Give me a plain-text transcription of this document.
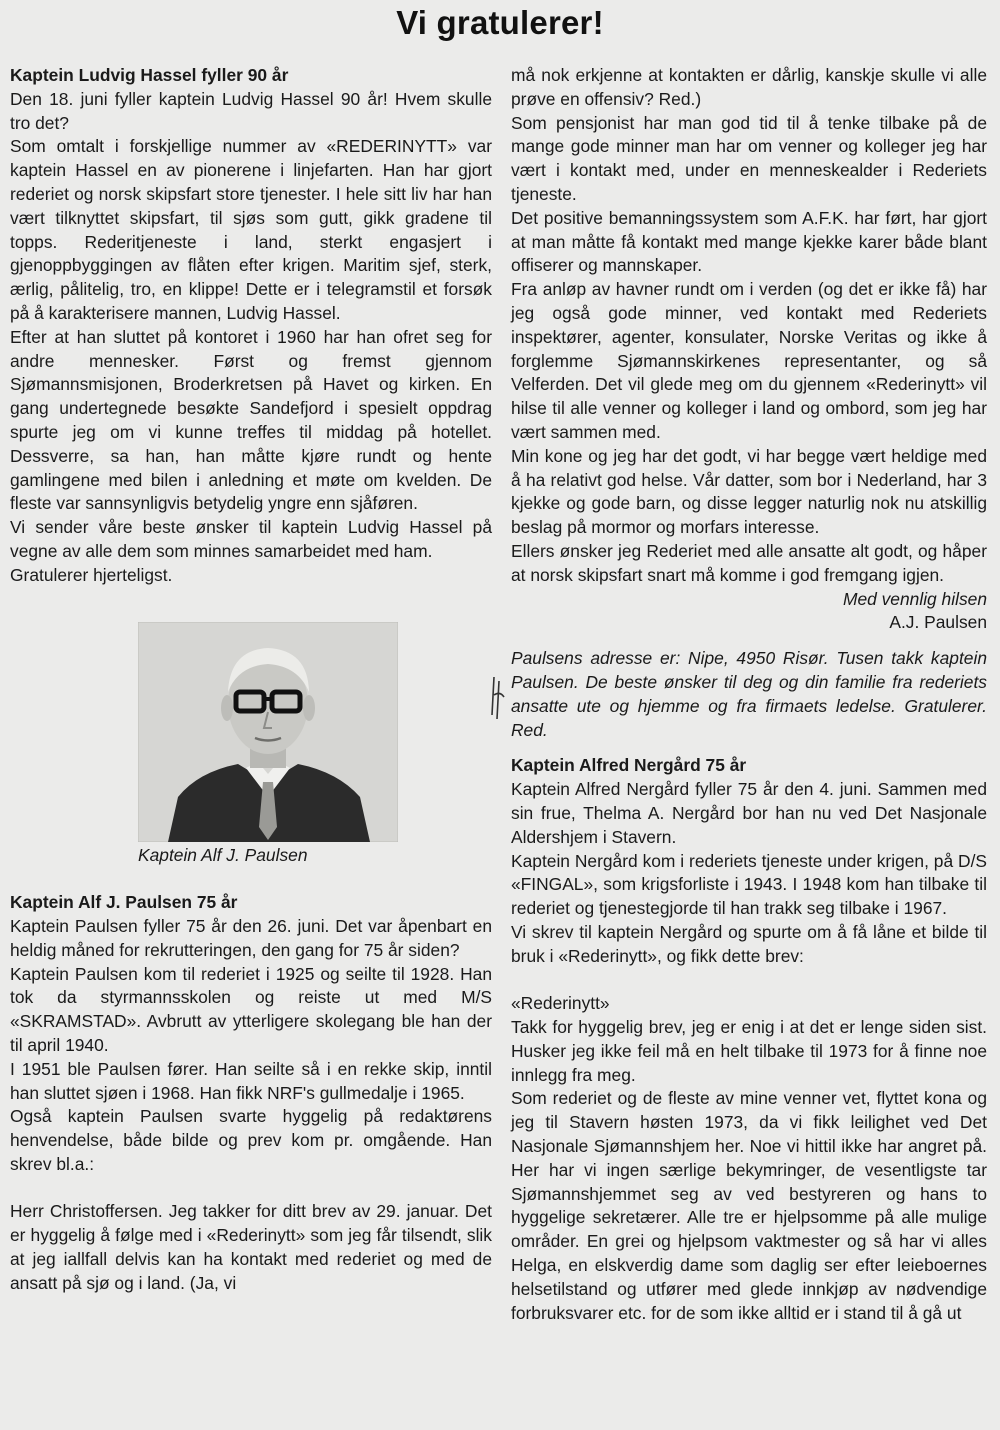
Vi gratulerer!

Kaptein Ludvig Hassel fyller 90 år

Den 18. juni fyller kaptein Ludvig Hassel 90 år! Hvem skulle tro det?

Som omtalt i forskjellige nummer av «REDERINYTT» var kaptein Hassel en av pionerene i linjefarten. Han har gjort rederiet og norsk skipsfart store tjenester. I hele sitt liv har han vært tilknyttet skipsfart, til sjøs som gutt, gikk gradene til topps. Rederitjeneste i land, sterkt engasjert i gjenoppbyggingen av flåten efter krigen. Maritim sjef, sterk, ærlig, pålitelig, tro, en klippe! Dette er i telegramstil et forsøk på å karakterisere mannen, Ludvig Hassel.

Efter at han sluttet på kontoret i 1960 har han ofret seg for andre mennesker. Først og fremst gjennom Sjømannsmisjonen, Broderkretsen på Havet og kirken. En gang undertegnede besøkte Sandefjord i spesielt oppdrag spurte jeg om vi kunne treffes til middag på hotellet. Dessverre, sa han, han måtte kjøre rundt og hente gamlingene med bilen i anledning et møte om kvelden. De fleste var sannsynligvis betydelig yngre enn sjåføren.

Vi sender våre beste ønsker til kaptein Ludvig Hassel på vegne av alle dem som minnes samarbeidet med ham.

Gratulerer hjerteligst.

Kaptein Alf J. Paulsen

Kaptein Alf J. Paulsen 75 år

Kaptein Paulsen fyller 75 år den 26. juni. Det var åpenbart en heldig måned for rekrutteringen, den gang for 75 år siden?

Kaptein Paulsen kom til rederiet i 1925 og seilte til 1928. Han tok da styrmannsskolen og reiste ut med M/S «SKRAMSTAD». Avbrutt av ytterligere skolegang ble han der til april 1940.

I 1951 ble Paulsen fører. Han seilte så i en rekke skip, inntil han sluttet sjøen i 1968. Han fikk NRF's gullmedalje i 1965.

Også kaptein Paulsen svarte hyggelig på redaktørens henvendelse, både bilde og prev kom pr. omgående. Han skrev bl.a.:

Herr Christoffersen. Jeg takker for ditt brev av 29. januar. Det er hyggelig å følge med i «Rederinytt» som jeg får tilsendt, slik at jeg iallfall delvis kan ha kontakt med rederiet og med de ansatt på sjø og i land. (Ja, vi

må nok erkjenne at kontakten er dårlig, kanskje skulle vi alle prøve en offensiv? Red.)

Som pensjonist har man god tid til å tenke tilbake på de mange gode minner man har om venner og kolleger jeg har vært i kontakt med, under en menneskealder i Rederiets tjeneste.

Det positive bemanningssystem som A.F.K. har ført, har gjort at man måtte få kontakt med mange kjekke karer både blant offiserer og mannskaper.

Fra anløp av havner rundt om i verden (og det er ikke få) har jeg også gode minner, ved kontakt med Rederiets inspektører, agenter, konsulater, Norske Veritas og ikke å forglemme Sjømannskirkenes representanter, og så Velferden. Det vil glede meg om du gjennem «Rederinytt» vil hilse til alle venner og kolleger i land og ombord, som jeg har vært sammen med.

Min kone og jeg har det godt, vi har begge vært heldige med å ha relativt god helse. Vår datter, som bor i Nederland, har 3 kjekke og gode barn, og disse legger naturlig nok nu atskillig beslag på mormor og morfars interesse.

Ellers ønsker jeg Rederiet med alle ansatte alt godt, og håper at norsk skipsfart snart må komme i god fremgang igjen.

Med vennlig hilsen

A.J. Paulsen

Paulsens adresse er: Nipe, 4950 Risør. Tusen takk kaptein Paulsen. De beste ønsker til deg og din familie fra rederiets ansatte ute og hjemme og fra firmaets ledelse. Gratulerer. Red.

Kaptein Alfred Nergård 75 år

Kaptein Alfred Nergård fyller 75 år den 4. juni. Sammen med sin frue, Thelma A. Nergård bor han nu ved Det Nasjonale Aldershjem i Stavern.

Kaptein Nergård kom i rederiets tjeneste under krigen, på D/S «FINGAL», som krigsforliste i 1943. I 1948 kom han tilbake til rederiet og tjenestegjorde til han trakk seg tilbake i 1967.

Vi skrev til kaptein Nergård og spurte om å få låne et bilde til bruk i «Rederinytt», og fikk dette brev:

«Rederinytt»

Takk for hyggelig brev, jeg er enig i at det er lenge siden sist. Husker jeg ikke feil må en helt tilbake til 1973 for å finne noe innlegg fra meg.

Som rederiet og de fleste av mine venner vet, flyttet kona og jeg til Stavern høsten 1973, da vi fikk leilighet ved Det Nasjonale Sjømannshjem her. Noe vi hittil ikke har angret på. Her har vi ingen særlige bekymringer, de vesentligste tar Sjømannshjemmet seg av ved bestyreren og hans to hyggelige sekretærer. Alle tre er hjelpsomme på alle mulige områder. En grei og hjelpsom vaktmester og så har vi alles Helga, en elskverdig dame som daglig ser efter leieboernes helsetilstand og utfører med glede innkjøp av nødvendige forbruksvarer etc. for de som ikke alltid er i stand til å gå ut
